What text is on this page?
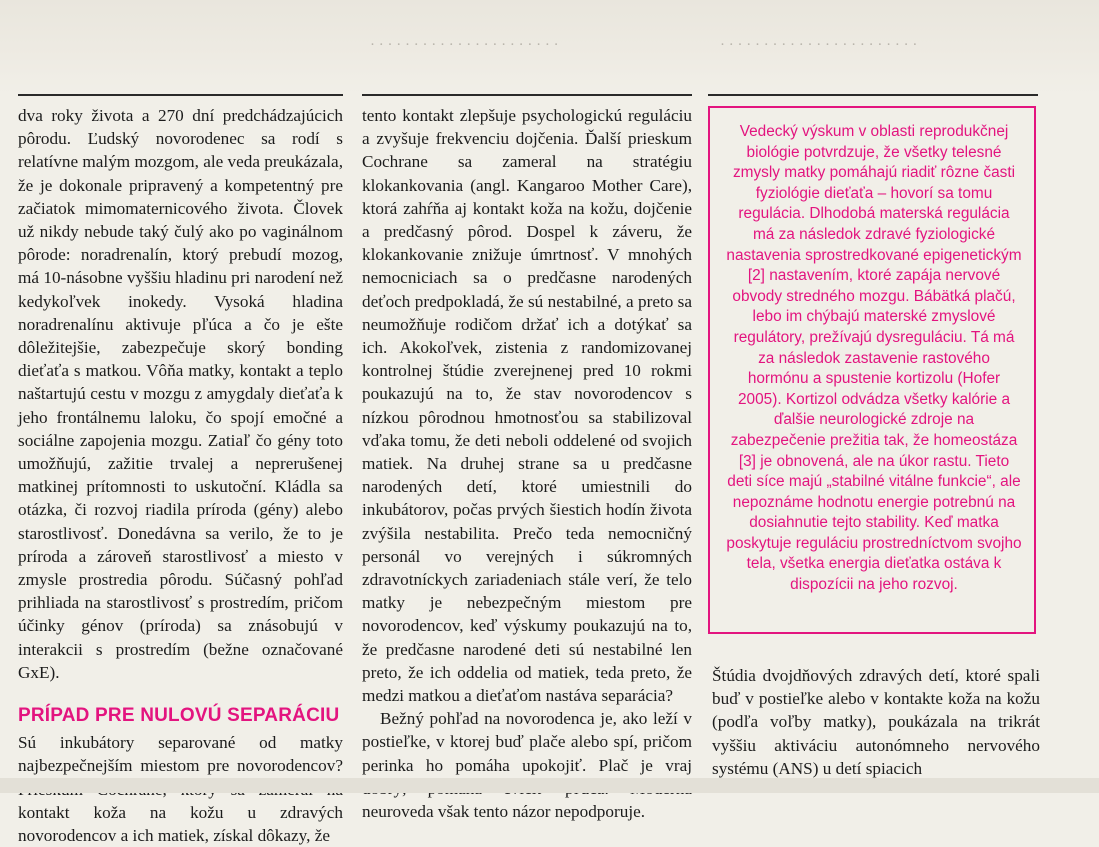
· · · · · · · · · · · · · · · · · · · · · ·	· · · · · · · · · · · · · · · · · · · · · · ·

dva roky života a 270 dní predchádzajúcich pôrodu. Ľudský novorodenec sa rodí s relatívne malým mozgom, ale veda preukázala, že je dokonale pripravený a kompetentný pre začiatok mimomaternicového života. Človek už nikdy nebude taký čulý ako po vaginálnom pôrode: noradrenalín, ktorý prebudí mozog, má 10-násobne vyššiu hladinu pri narodení než kedykoľvek inokedy. Vysoká hladina noradrenalínu aktivuje pľúca a čo je ešte dôležitejšie, zabezpečuje skorý bonding dieťaťa s matkou. Vôňa matky, kontakt a teplo naštartujú cestu v mozgu z amygdaly dieťaťa k jeho frontálnemu laloku, čo spojí emočné a sociálne zapojenia mozgu. Zatiaľ čo gény toto umožňujú, zažitie trvalej a neprerušenej matkinej prítomnosti to uskutoční. Kládla sa otázka, či rozvoj riadila príroda (gény) alebo starostlivosť. Donedávna sa verilo, že to je príroda a zároveň starostlivosť a miesto v zmysle prostredia pôrodu. Súčasný pohľad prihliada na starostlivosť s prostredím, pričom účinky génov (príroda) sa znásobujú v interakcii s prostredím (bežne označované GxE).

PRÍPAD PRE NULOVÚ SEPARÁCIU

Sú inkubátory separované od matky najbezpečnejším miestom pre novorodencov? kontakt koža na kožu u zdravých novorodencov a ich matiek, získal dôkazy, že

tento kontakt zlepšuje psychologickú reguláciu a zvyšuje frekvenciu dojčenia. Ďalší prieskum Cochrane sa zameral na stratégiu klokankovania (angl. Kangaroo Mother Care), ktorá zahŕňa aj kontakt koža na kožu, dojčenie a predčasný pôrod. Dospel k záveru, že klokankovanie znižuje úmrtnosť. V mnohých nemocniciach sa o predčasne narodených deťoch predpokladá, že sú nestabilné, a preto sa neumožňuje rodičom držať ich a dotýkať sa ich. Akokoľvek, zistenia z randomizovanej kontrolnej štúdie zverejnenej pred 10 rokmi poukazujú na to, že stav novorodencov s nízkou pôrodnou hmotnosťou sa stabilizoval vďaka tomu, že deti neboli oddelené od svojich matiek. Na druhej strane sa u predčasne narodených detí, ktoré umiestnili do inkubátorov, počas prvých šiestich hodín života zvýšila nestabilita. Prečo teda nemocničný personál vo verejných i súkromných zdravotníckych zariadeniach stále verí, že telo matky je nebezpečným miestom pre novorodencov, keď výskumy poukazujú na to, že predčasne narodené deti sú nestabilné len preto, že ich oddelia od matiek, teda preto, že medzi matkou a dieťaťom nastáva separácia?

Bežný pohľad na novorodenca je, ako leží v postieľke, v ktorej buď plače alebo spí, pričom perinka ho pomáha upokojiť. Plač je vraj neuroveda však tento názor nepodporuje.

Vedecký výskum v oblasti reprodukčnej biológie potvrdzuje, že všetky telesné zmysly matky pomáhajú riadiť rôzne časti fyziológie dieťaťa – hovorí sa tomu regulácia. Dlhodobá materská regulácia má za následok zdravé fyziologické nastavenia sprostredkované epigenetickým [2] nastavením, ktoré zapája nervové obvody stredného mozgu. Bábätká plačú, lebo im chýbajú materské zmyslové regulátory, prežívajú dysreguláciu. Tá má za následok zastavenie rastového hormónu a spustenie kortizolu (Hofer 2005). Kortizol odvádza všetky kalórie a ďalšie neurologické zdroje na zabezpečenie prežitia tak, že homeostáza [3] je obnovená, ale na úkor rastu. Tieto deti síce majú „stabilné vitálne funkcie“, ale nepoznáme hodnotu energie potrebnú na dosiahnutie tejto stability. Keď matka poskytuje reguláciu prostredníctvom svojho tela, všetka energia dieťatka ostáva k dispozícii na jeho rozvoj.

Štúdia dvojdňových zdravých detí, ktoré spali buď v postieľke alebo v kontakte koža na kožu (podľa voľby matky), poukázala na trikrát vyššiu aktiváciu autonómneho nervového systému (ANS) u detí spiacich
